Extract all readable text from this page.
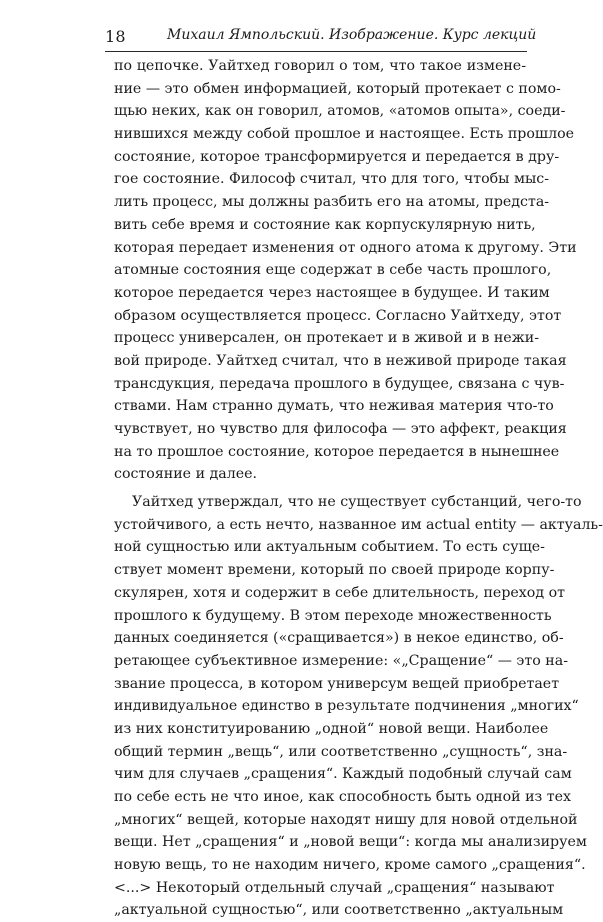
18	Михаил Ямпольский. Изображение. Курс лекций
по цепочке. Уайтхед говорил о том, что такое измене-
ние — это обмен информацией, который протекает с помо-
щью неких, как он говорил, атомов, «атомов опыта», соеди-
нившихся между собой прошлое и настоящее. Есть прошлое
состояние, которое трансформируется и передается в дру-
гое состояние. Философ считал, что для того, чтобы мыс-
лить процесс, мы должны разбить его на атомы, предста-
вить себе время и состояние как корпускулярную нить,
которая передает изменения от одного атома к другому. Эти
атомные состояния еще содержат в себе часть прошлого,
которое передается через настоящее в будущее. И таким
образом осуществляется процесс. Согласно Уайтхеду, этот
процесс универсален, он протекает и в живой и в нежи-
вой природе. Уайтхед считал, что в неживой природе такая
трансдукция, передача прошлого в будущее, связана с чув-
ствами. Нам странно думать, что неживая материя что-то
чувствует, но чувство для философа — это аффект, реакция
на то прошлое состояние, которое передается в нынешнее
состояние и далее.
Уайтхед утверждал, что не существует субстанций, чего-то
устойчивого, а есть нечто, названное им actual entity — актуаль-
ной сущностью или актуальным событием. То есть суще-
ствует момент времени, который по своей природе корпу-
скулярен, хотя и содержит в себе длительность, переход от
прошлого к будущему. В этом переходе множественность
данных соединяется («сращивается») в некое единство, об-
ретающее субъективное измерение: «„Сращение“ — это на-
звание процесса, в котором универсум вещей приобретает
индивидуальное единство в результате подчинения „многих“
из них конституированию „одной“ новой вещи. Наиболее
общий термин „вещь“, или соответственно „сущность“, зна-
чим для случаев „сращения“. Каждый подобный случай сам
по себе есть не что иное, как способность быть одной из тех
„многих“ вещей, которые находят нишу для новой отдельной
вещи. Нет „сращения“ и „новой вещи“: когда мы анализируем
новую вещь, то не находим ничего, кроме самого „сращения“.
<...> Некоторый отдельный случай „сращения“ называют
„актуальной сущностью“, или соответственно „актуальным
